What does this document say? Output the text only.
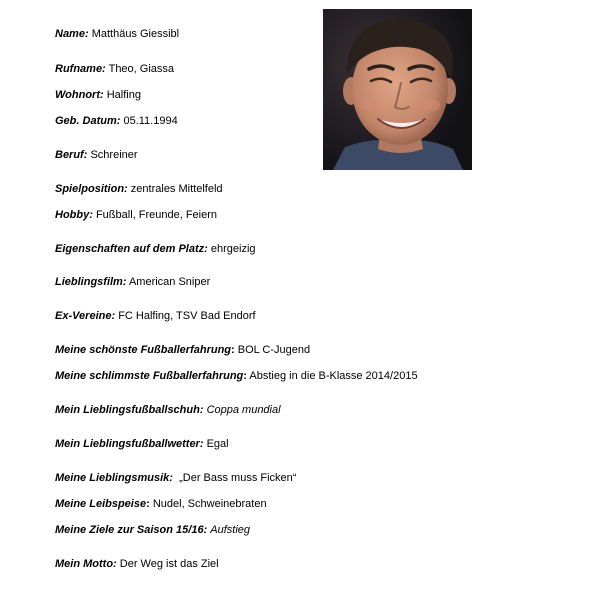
Name: Matthäus Giessibl
Rufname: Theo, Giassa
Wohnort: Halfing
Geb. Datum: 05.11.1994
Beruf: Schreiner
Spielposition: zentrales Mittelfeld
Hobby: Fußball, Freunde, Feiern
Eigenschaften auf dem Platz: ehrgeizig
Lieblingsfilm: American Sniper
Ex-Vereine: FC Halfing, TSV Bad Endorf
Meine schönste Fußballerfahrung: BOL C-Jugend
Meine schlimmste Fußballerfahrung: Abstieg in die B-Klasse 2014/2015
Mein Lieblingsfußballschuh: Coppa mundial
Mein Lieblingsfußballwetter: Egal
Meine Lieblingsmusik: „Der Bass muss Ficken“
Meine Leibspeise: Nudel, Schweinebraten
Meine Ziele zur Saison 15/16: Aufstieg
Mein Motto: Der Weg ist das Ziel
